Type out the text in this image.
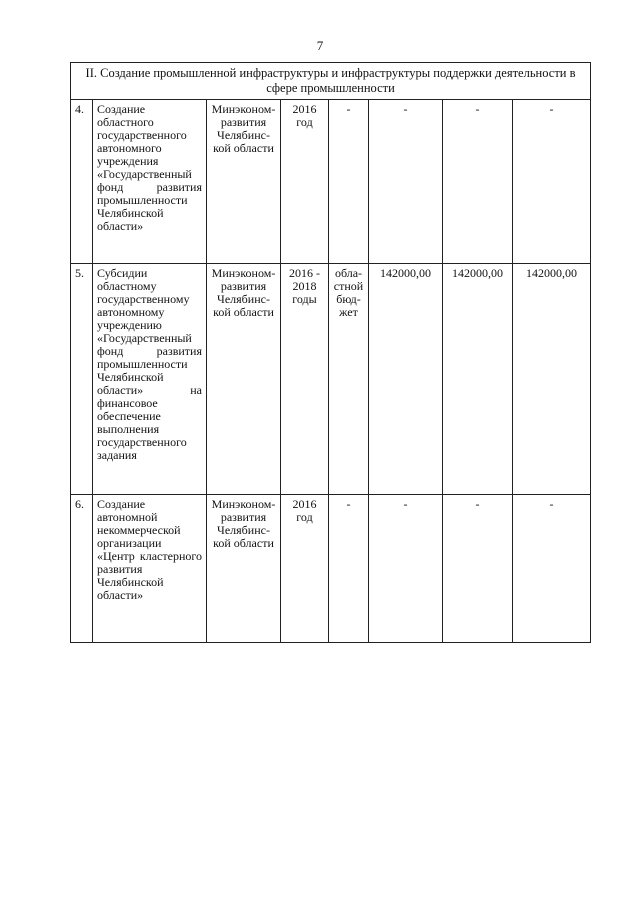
7
II. Создание промышленной инфраструктуры и инфраструктуры поддержки деятельности в сфере промышленности							
4.	Создание областного государственного автономного учреждения «Государственный фонд развития промышленности Челябинской области»	Минэконом-развития Челябинс-кой области	2016 год	-	-	-	-
5.	Субсидии областному государственному автономному учреждению «Государственный фонд развития промышленности Челябинской области» на финансовое обеспечение выполнения государственного задания	Минэконом-развития Челябинс-кой области	2016 - 2018 годы	обла-стной бюд-жет	142000,00	142000,00	142000,00
6.	Создание автономной некоммерческой организации «Центр кластерного развития Челябинской области»	Минэконом-развития Челябинс-кой области	2016 год	-	-	-	-
